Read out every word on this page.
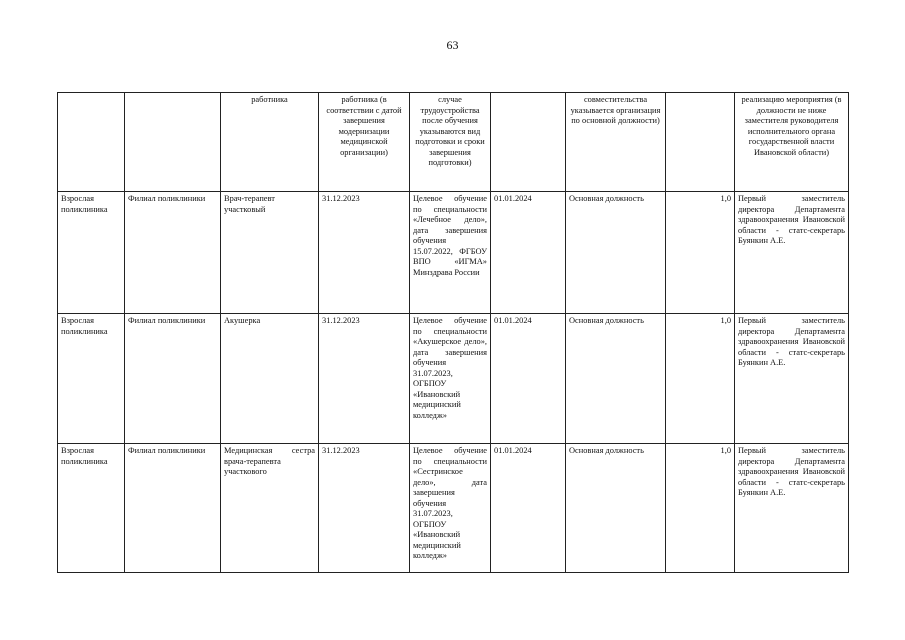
63
		работника	работника (в соответствии с датой завершения модернизации медицинской организации)	случае трудоустройства после обучения указываются вид подготовки и сроки завершения подготовки)		совместительства указывается организация по основной должности)		реализацию мероприятия (в должности не ниже заместителя руководителя исполнительного органа государственной власти Ивановской области)
Взрослая поликлиника	Филиал поликлиники	Врач-терапевт участковый	31.12.2023	Целевое обучение по специальности «Лечебное дело», дата завершения обучения 15.07.2022, ФГБОУ ВПО «ИГМА» Минздрава России	01.01.2024	Основная должность	1,0	Первый заместитель директора Департамента здравоохранения Ивановской области - статс-секретарь Буянкин А.Е.
Взрослая поликлиника	Филиал поликлиники	Акушерка	31.12.2023	Целевое обучение по специальности «Акушерское дело», дата завершения обучения 31.07.2023, ОГБПОУ «Ивановский медицинский колледж»	01.01.2024	Основная должность	1,0	Первый заместитель директора Департамента здравоохранения Ивановской области - статс-секретарь Буянкин А.Е.
Взрослая поликлиника	Филиал поликлиники	Медицинская сестра врача-терапевта участкового	31.12.2023	Целевое обучение по специальности «Сестринское дело», дата завершения обучения 31.07.2023, ОГБПОУ «Ивановский медицинский колледж»	01.01.2024	Основная должность	1,0	Первый заместитель директора Департамента здравоохранения Ивановской области - статс-секретарь Буянкин А.Е.
